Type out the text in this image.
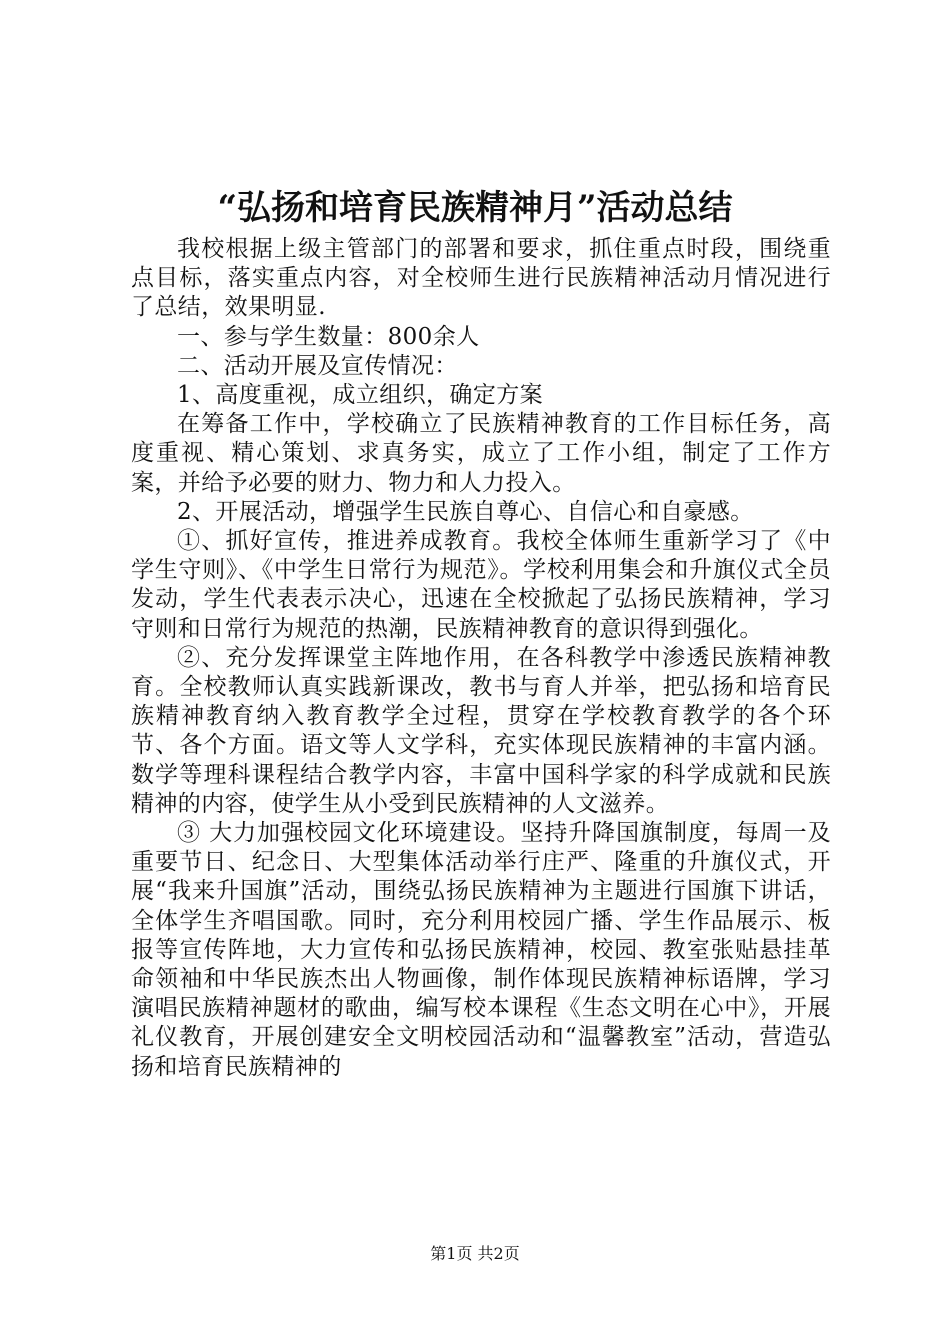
“弘扬和培育民族精神月”活动总结

我校根据上级主管部门的部署和要求，抓住重点时段，围绕重点目标，落实重点内容，对全校师生进行民族精神活动月情况进行了总结，效果明显.

一、参与学生数量：800余人

二、活动开展及宣传情况：

1、高度重视，成立组织，确定方案

在筹备工作中，学校确立了民族精神教育的工作目标任务，高度重视、精心策划、求真务实，成立了工作小组，制定了工作方案，并给予必要的财力、物力和人力投入。

2、开展活动，增强学生民族自尊心、自信心和自豪感。

①、抓好宣传，推进养成教育。我校全体师生重新学习了《中学生守则》、《中学生日常行为规范》。学校利用集会和升旗仪式全员发动，学生代表表示决心，迅速在全校掀起了弘扬民族精神，学习守则和日常行为规范的热潮，民族精神教育的意识得到强化。

②、充分发挥课堂主阵地作用，在各科教学中渗透民族精神教育。全校教师认真实践新课改，教书与育人并举，把弘扬和培育民族精神教育纳入教育教学全过程，贯穿在学校教育教学的各个环节、各个方面。语文等人文学科，充实体现民族精神的丰富内涵。数学等理科课程结合教学内容，丰富中国科学家的科学成就和民族精神的内容，使学生从小受到民族精神的人文滋养。

③ 大力加强校园文化环境建设。坚持升降国旗制度，每周一及重要节日、纪念日、大型集体活动举行庄严、隆重的升旗仪式，开展“我来升国旗”活动，围绕弘扬民族精神为主题进行国旗下讲话，全体学生齐唱国歌。同时，充分利用校园广播、学生作品展示、板报等宣传阵地，大力宣传和弘扬民族精神，校园、教室张贴悬挂革命领袖和中华民族杰出人物画像，制作体现民族精神标语牌，学习演唱民族精神题材的歌曲，编写校本课程《生态文明在心中》，开展礼仪教育，开展创建安全文明校园活动和“温馨教室”活动，营造弘扬和培育民族精神的

第1页 共2页
